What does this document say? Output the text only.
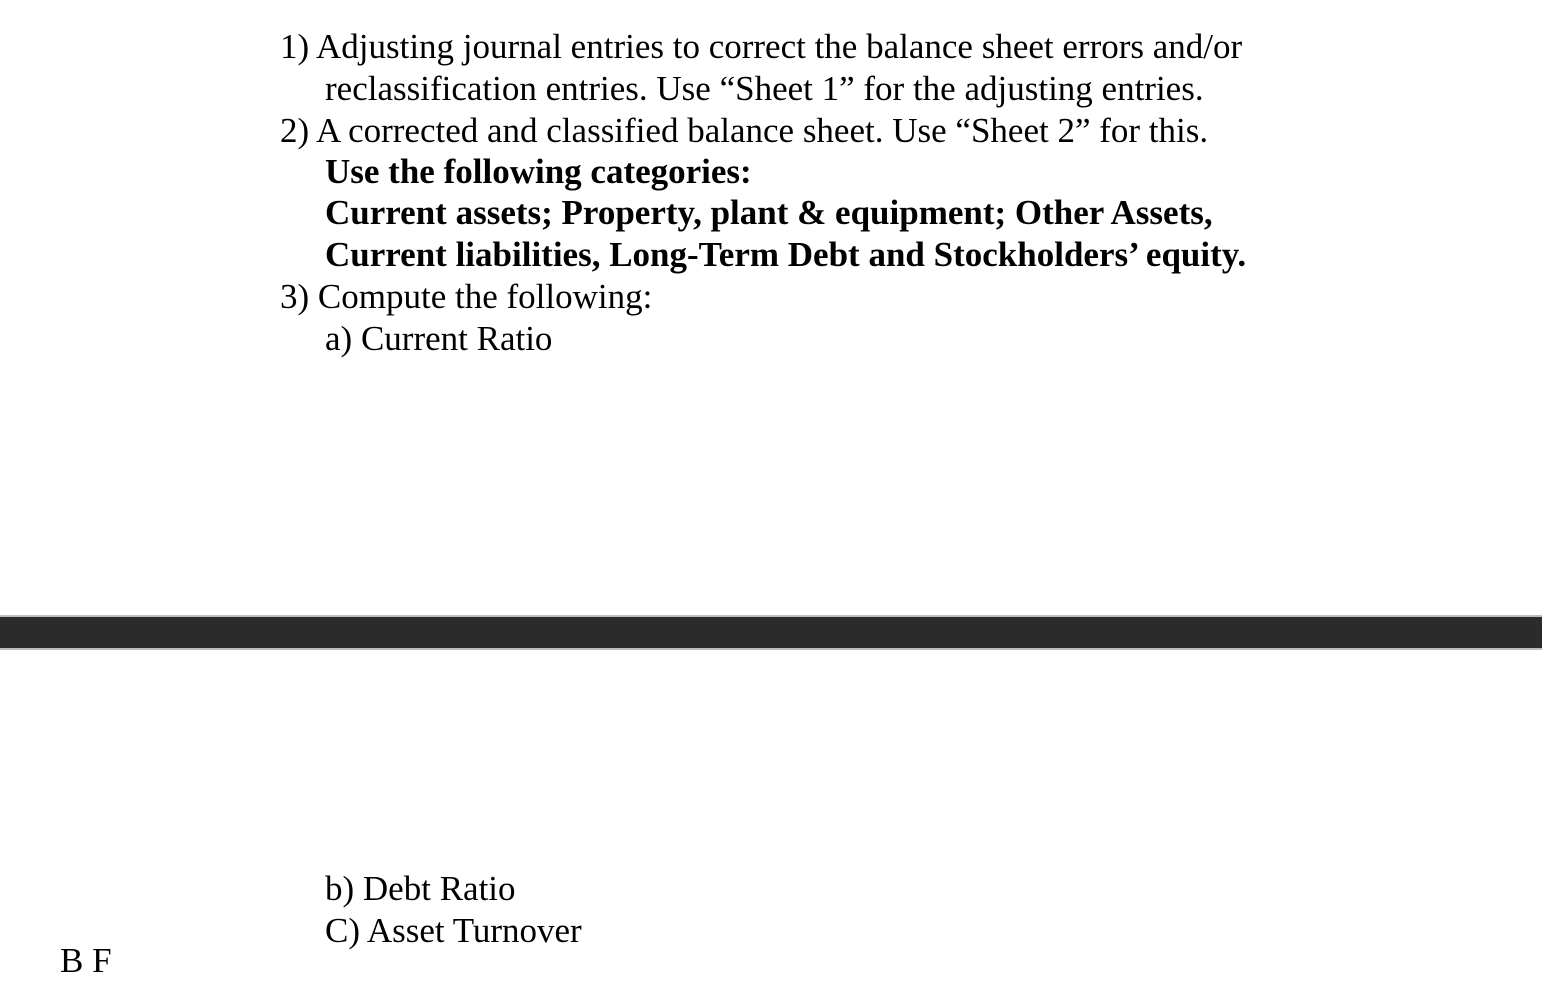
1) Adjusting journal entries to correct the balance sheet errors and/or
reclassification entries. Use “Sheet 1” for the adjusting entries.
2) A corrected and classified balance sheet. Use “Sheet 2” for this.
Use the following categories:
Current assets; Property, plant & equipment; Other Assets,
Current liabilities, Long-Term Debt and Stockholders’ equity.
3) Compute the following:
a) Current Ratio
b) Debt Ratio
C) Asset Turnover
B F
